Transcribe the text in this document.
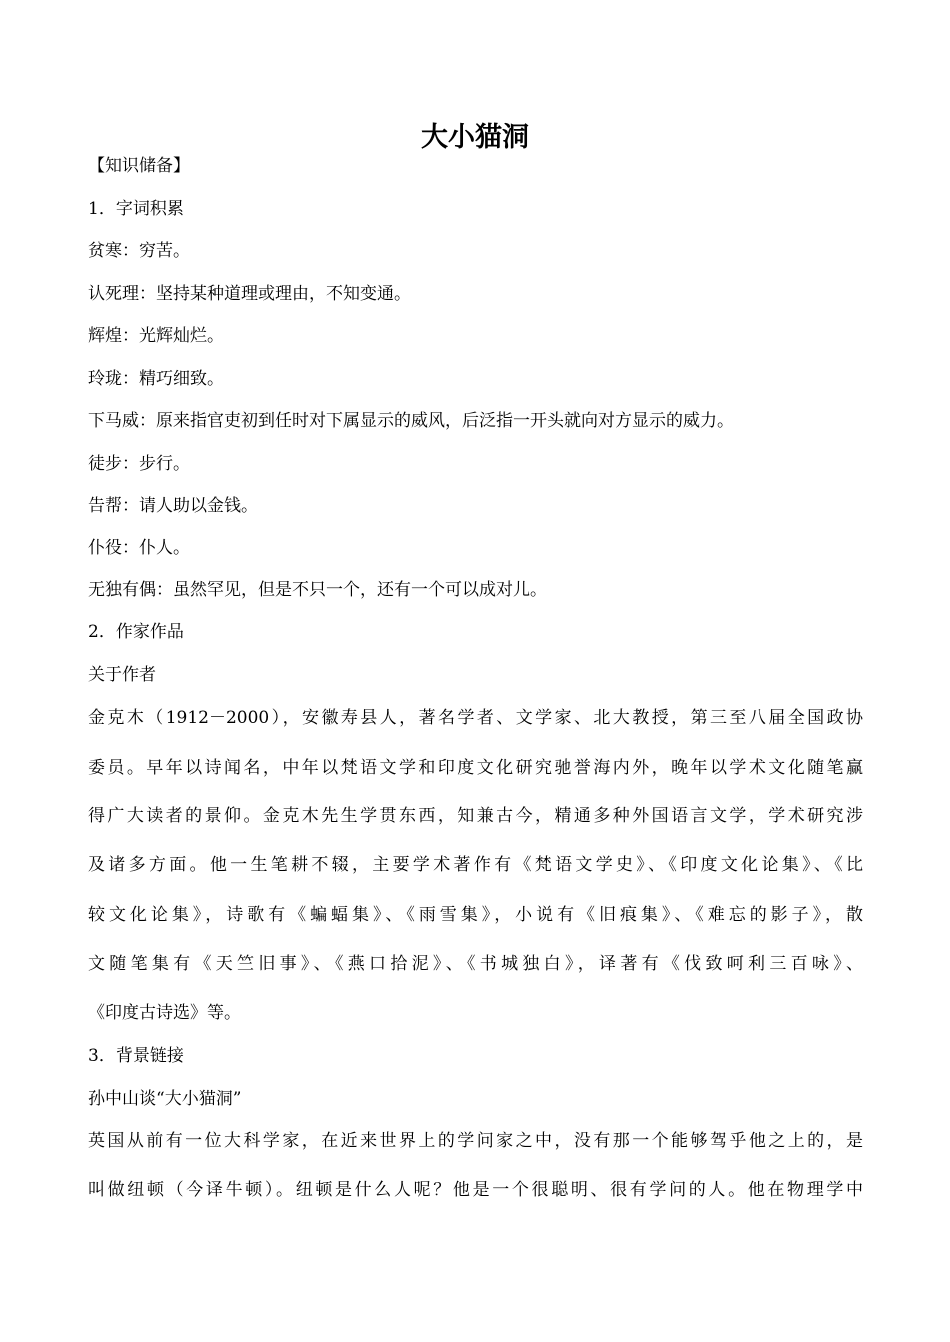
大小猫洞

【知识储备】

1．字词积累

贫寒：穷苦。

认死理：坚持某种道理或理由，不知变通。

辉煌：光辉灿烂。

玲珑：精巧细致。

下马威：原来指官吏初到任时对下属显示的威风，后泛指一开头就向对方显示的威力。

徒步：步行。

告帮：请人助以金钱。

仆役：仆人。

无独有偶：虽然罕见，但是不只一个，还有一个可以成对儿。

2．作家作品

关于作者

金克木（1912－2000），安徽寿县人，著名学者、文学家、北大教授，第三至八届全国政协

委员。早年以诗闻名，中年以梵语文学和印度文化研究驰誉海内外，晚年以学术文化随笔赢

得广大读者的景仰。金克木先生学贯东西，知兼古今，精通多种外国语言文学，学术研究涉

及诸多方面。他一生笔耕不辍，主要学术著作有《梵语文学史》、《印度文化论集》、《比

较文化论集》，诗歌有《蝙蝠集》、《雨雪集》，小说有《旧痕集》、《难忘的影子》，散

文随笔集有《天竺旧事》、《燕口拾泥》、《书城独白》，译著有《伐致呵利三百咏》、

《印度古诗选》等。

3．背景链接

孙中山谈“大小猫洞”

英国从前有一位大科学家，在近来世界上的学问家之中，没有那一个能够驾乎他之上的，是

叫做纽顿（今译牛顿）。纽顿是什么人呢？他是一个很聪明、很有学问的人。他在物理学中
